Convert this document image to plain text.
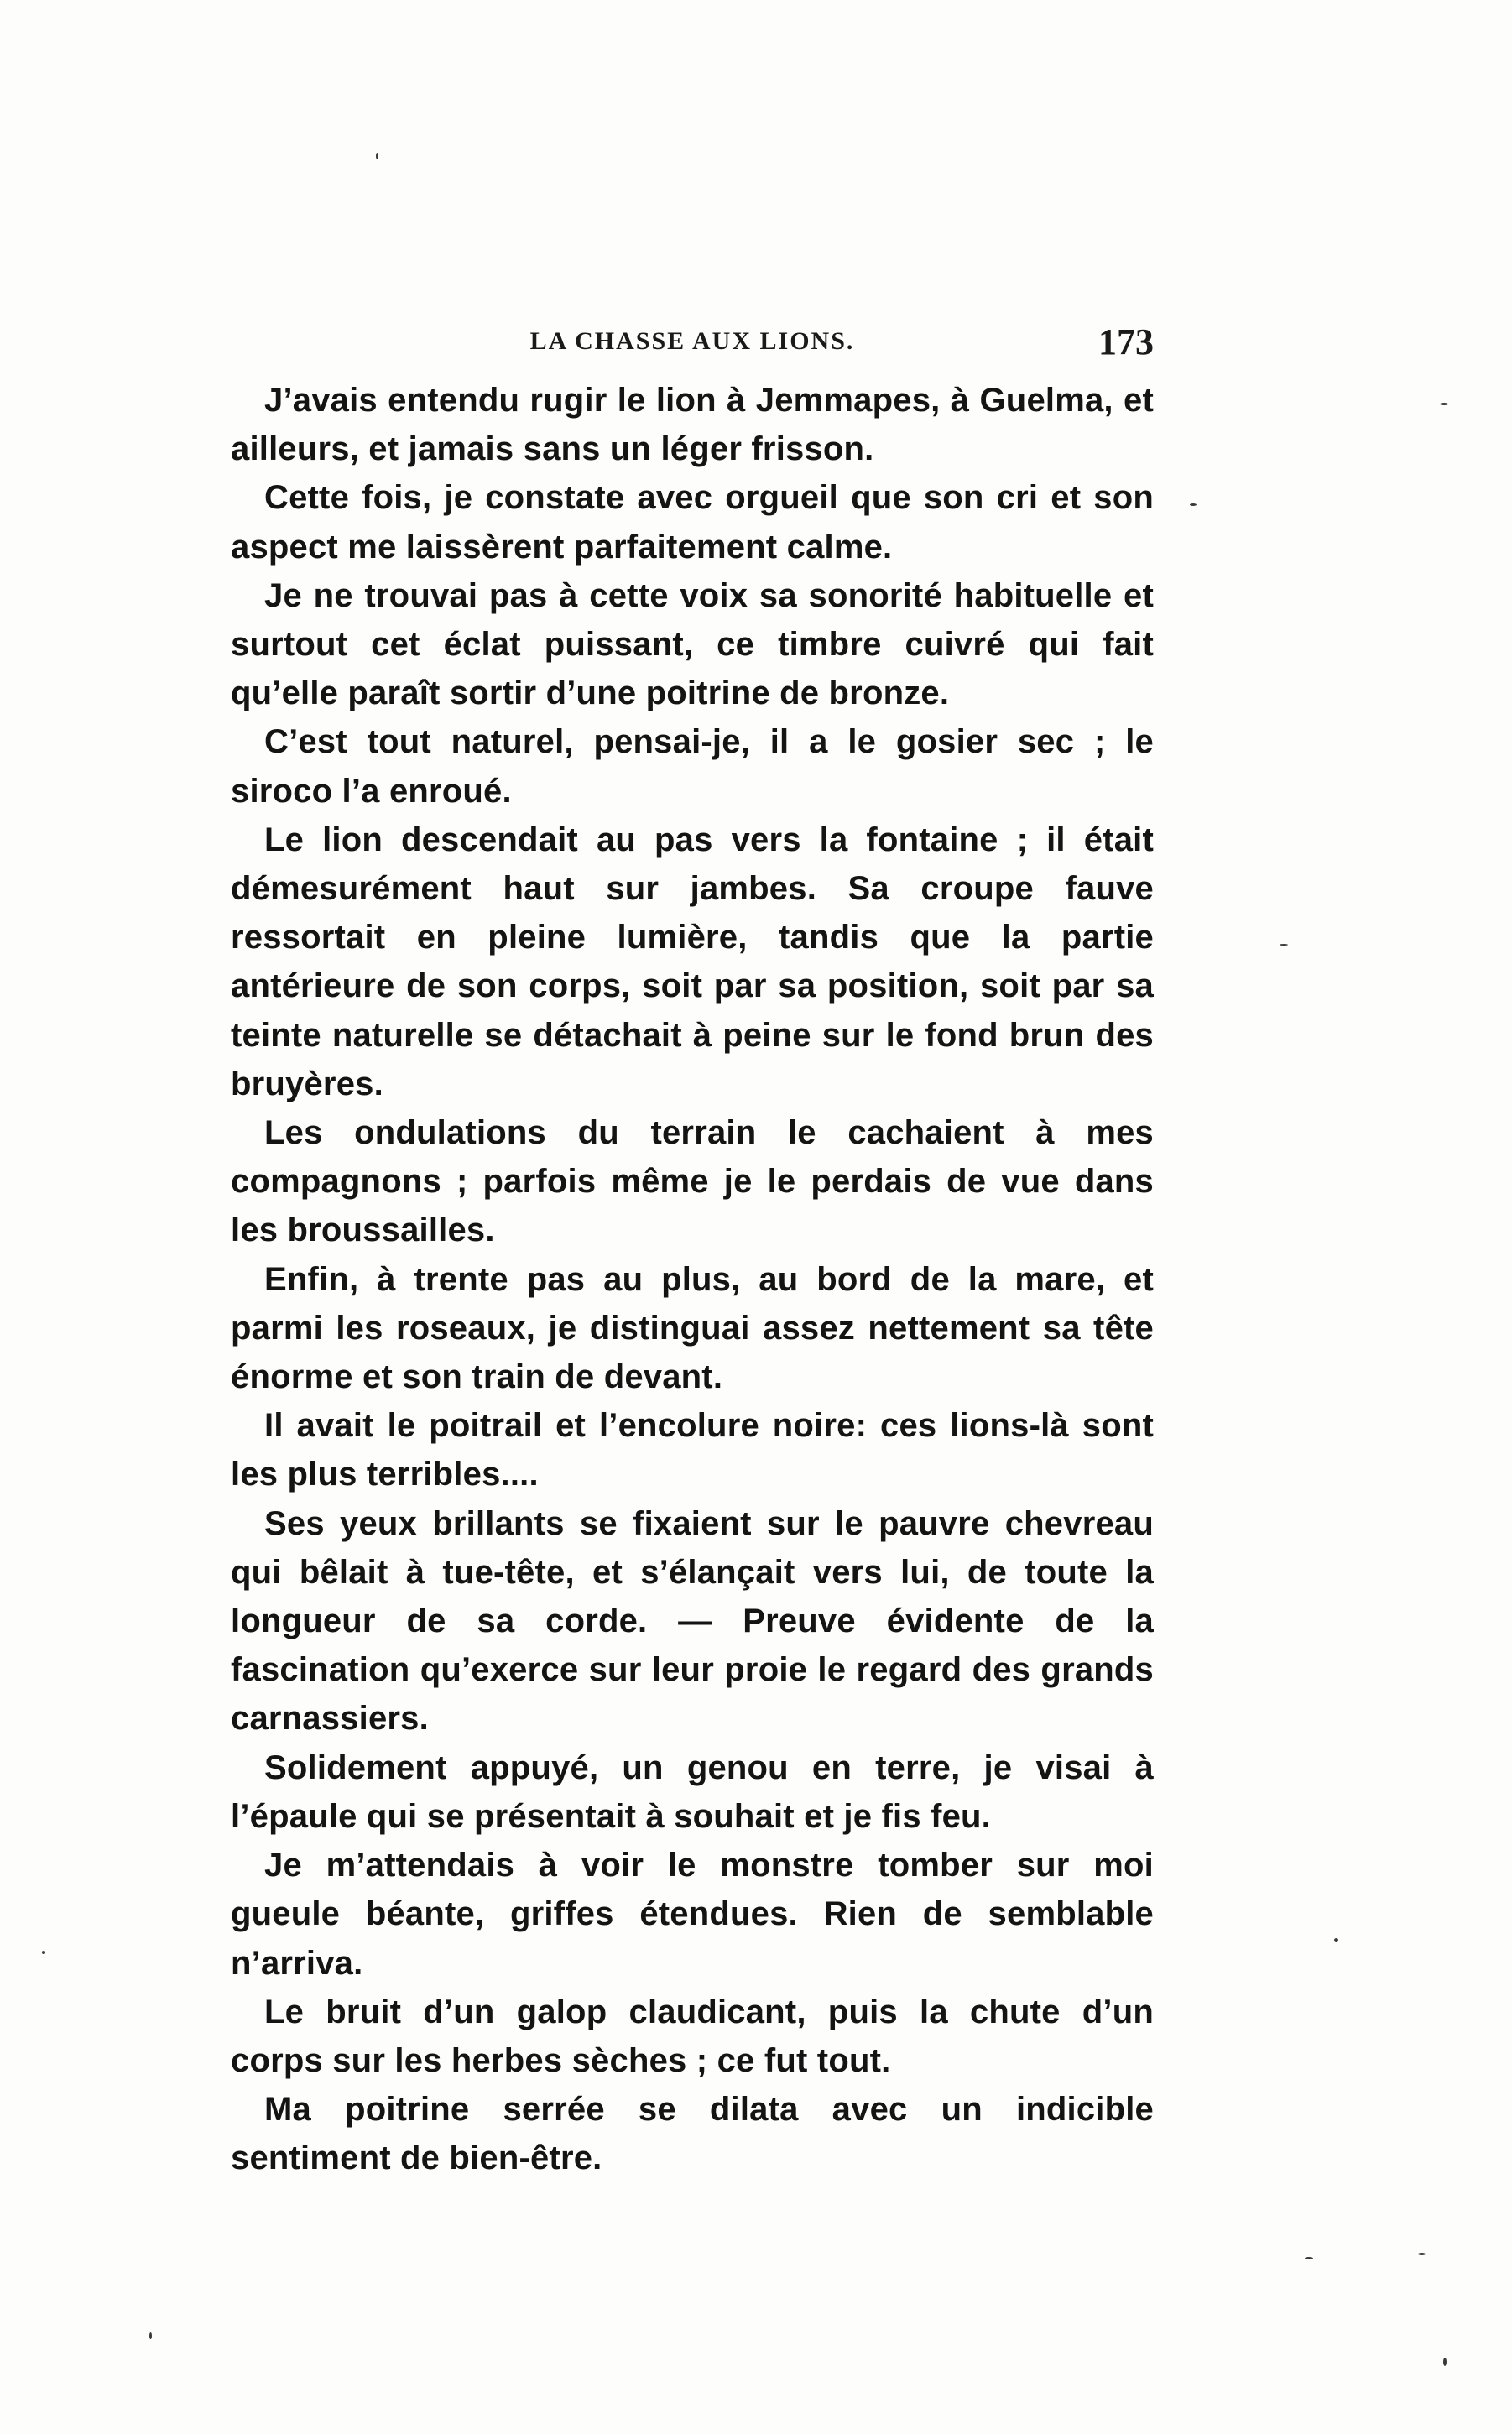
LA CHASSE AUX LIONS.	173

J’avais entendu rugir le lion à Jemmapes, à Guelma, et ailleurs, et jamais sans un léger frisson.

Cette fois, je constate avec orgueil que son cri et son aspect me laissèrent parfaitement calme.

Je ne trouvai pas à cette voix sa sonorité habituelle et surtout cet éclat puissant, ce timbre cuivré qui fait qu’elle paraît sortir d’une poitrine de bronze.

C’est tout naturel, pensai-je, il a le gosier sec ; le siroco l’a enroué.

Le lion descendait au pas vers la fontaine ; il était démesurément haut sur jambes. Sa croupe fauve ressortait en pleine lumière, tandis que la partie antérieure de son corps, soit par sa position, soit par sa teinte naturelle se détachait à peine sur le fond brun des bruyères.

Les ondulations du terrain le cachaient à mes compagnons ; parfois même je le perdais de vue dans les broussailles.

Enfin, à trente pas au plus, au bord de la mare, et parmi les roseaux, je distinguai assez nettement sa tête énorme et son train de devant.

Il avait le poitrail et l’encolure noire: ces lions-là sont les plus terribles....

Ses yeux brillants se fixaient sur le pauvre chevreau qui bêlait à tue-tête, et s’élançait vers lui, de toute la longueur de sa corde. — Preuve évidente de la fascination qu’exerce sur leur proie le regard des grands carnassiers.

Solidement appuyé, un genou en terre, je visai à l’épaule qui se présentait à souhait et je fis feu.

Je m’attendais à voir le monstre tomber sur moi gueule béante, griffes étendues. Rien de semblable n’arriva.

Le bruit d’un galop claudicant, puis la chute d’un corps sur les herbes sèches ; ce fut tout.

Ma poitrine serrée se dilata avec un indicible sentiment de bien-être.
